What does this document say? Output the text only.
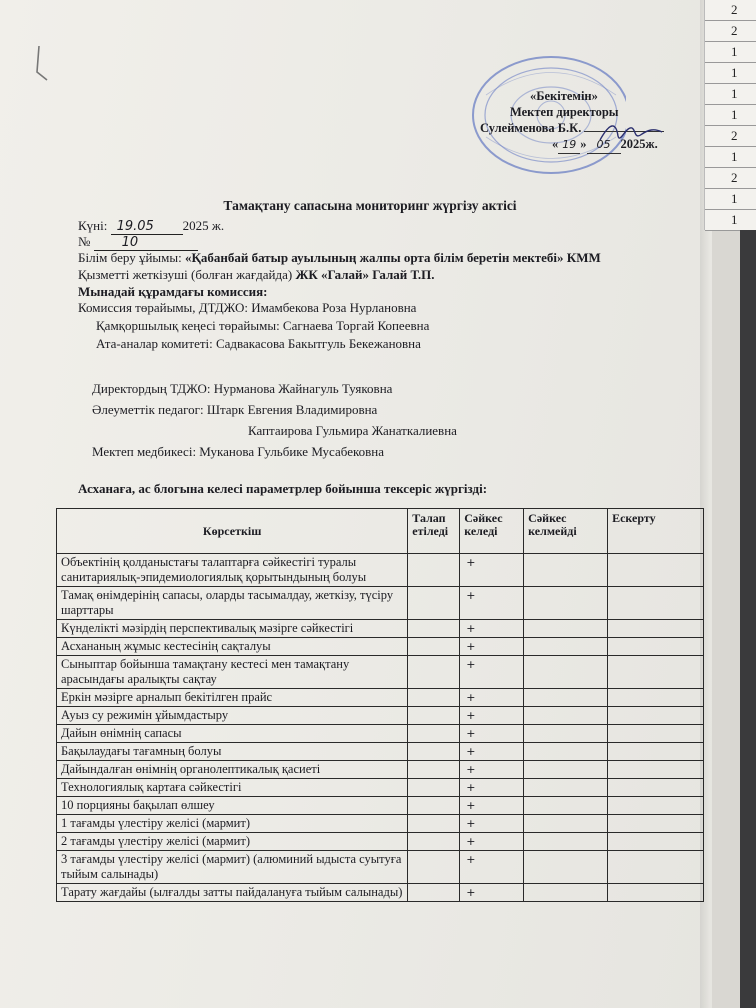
«Бекітемін»
Мектеп директоры
Сулейменова Б.К.
« 19 » 05 2025ж.
Тамақтану сапасына мониторинг жүргізу актісі
Күні: 19.05 2025 ж.
№ 10
Білім беру ұйымы: «Қабанбай батыр ауылының жалпы орта білім беретін мектебі» КММ
Қызметті жеткізуші (болған жағдайда) ЖК «Галай» Галай Т.П.
Мынадай құрамдағы комиссия:
Комиссия төрайымы, ДТДЖО: Имамбекова Роза Нурлановна
Қамқоршылық кеңесі төрайымы: Сагнаева Торгай Копеевна
Ата-аналар комитеті: Садвакасова Бакытгуль Бекежановна
Директордың ТДЖО: Нурманова Жайнагуль Туяковна
Әлеуметтік педагог: Штарк Евгения Владимировна
Каптаирова Гульмира Жанаткалиевна
Мектеп медбикесі: Муканова Гульбике Мусабековна
Асханаға, ас блогына келесі параметрлер бойынша тексеріс жүргізді:
Көрсеткіш	Талап етіледі	Сәйкес келеді	Сәйкес келмейді	Ескерту
Объектінің қолданыстағы талаптарға сәйкестігі туралы санитариялық-эпидемиологиялық қорытындының болуы		+		
Тамақ өнімдерінің сапасы, оларды тасымалдау, жеткізу, түсіру шарттары		+		
Күнделікті мәзірдің перспективалық мәзірге сәйкестігі		+		
Асхананың жұмыс кестесінің сақталуы		+		
Сыныптар бойынша тамақтану кестесі мен тамақтану арасындағы аралықты сақтау		+		
Еркін мәзірге арналып бекітілген прайс		+		
Ауыз су режимін ұйымдастыру		+		
Дайын өнімнің сапасы		+		
Бақылаудағы тағамның болуы		+		
Дайындалған өнімнің органолептикалық қасиеті		+		
Технологиялық картаға сәйкестігі		+		
10 порцияны бақылап өлшеу		+		
1 тағамды үлестіру желісі (мармит)		+		
2 тағамды үлестіру желісі (мармит)		+		
3 тағамды үлестіру желісі (мармит) (алюминий ыдыста суытуға тыйым салынады)		+		
Тарату жағдайы (ылғалды затты пайдалануға тыйым салынады)		+		
2
2
1
1
1
1
2
1
2
1
1
